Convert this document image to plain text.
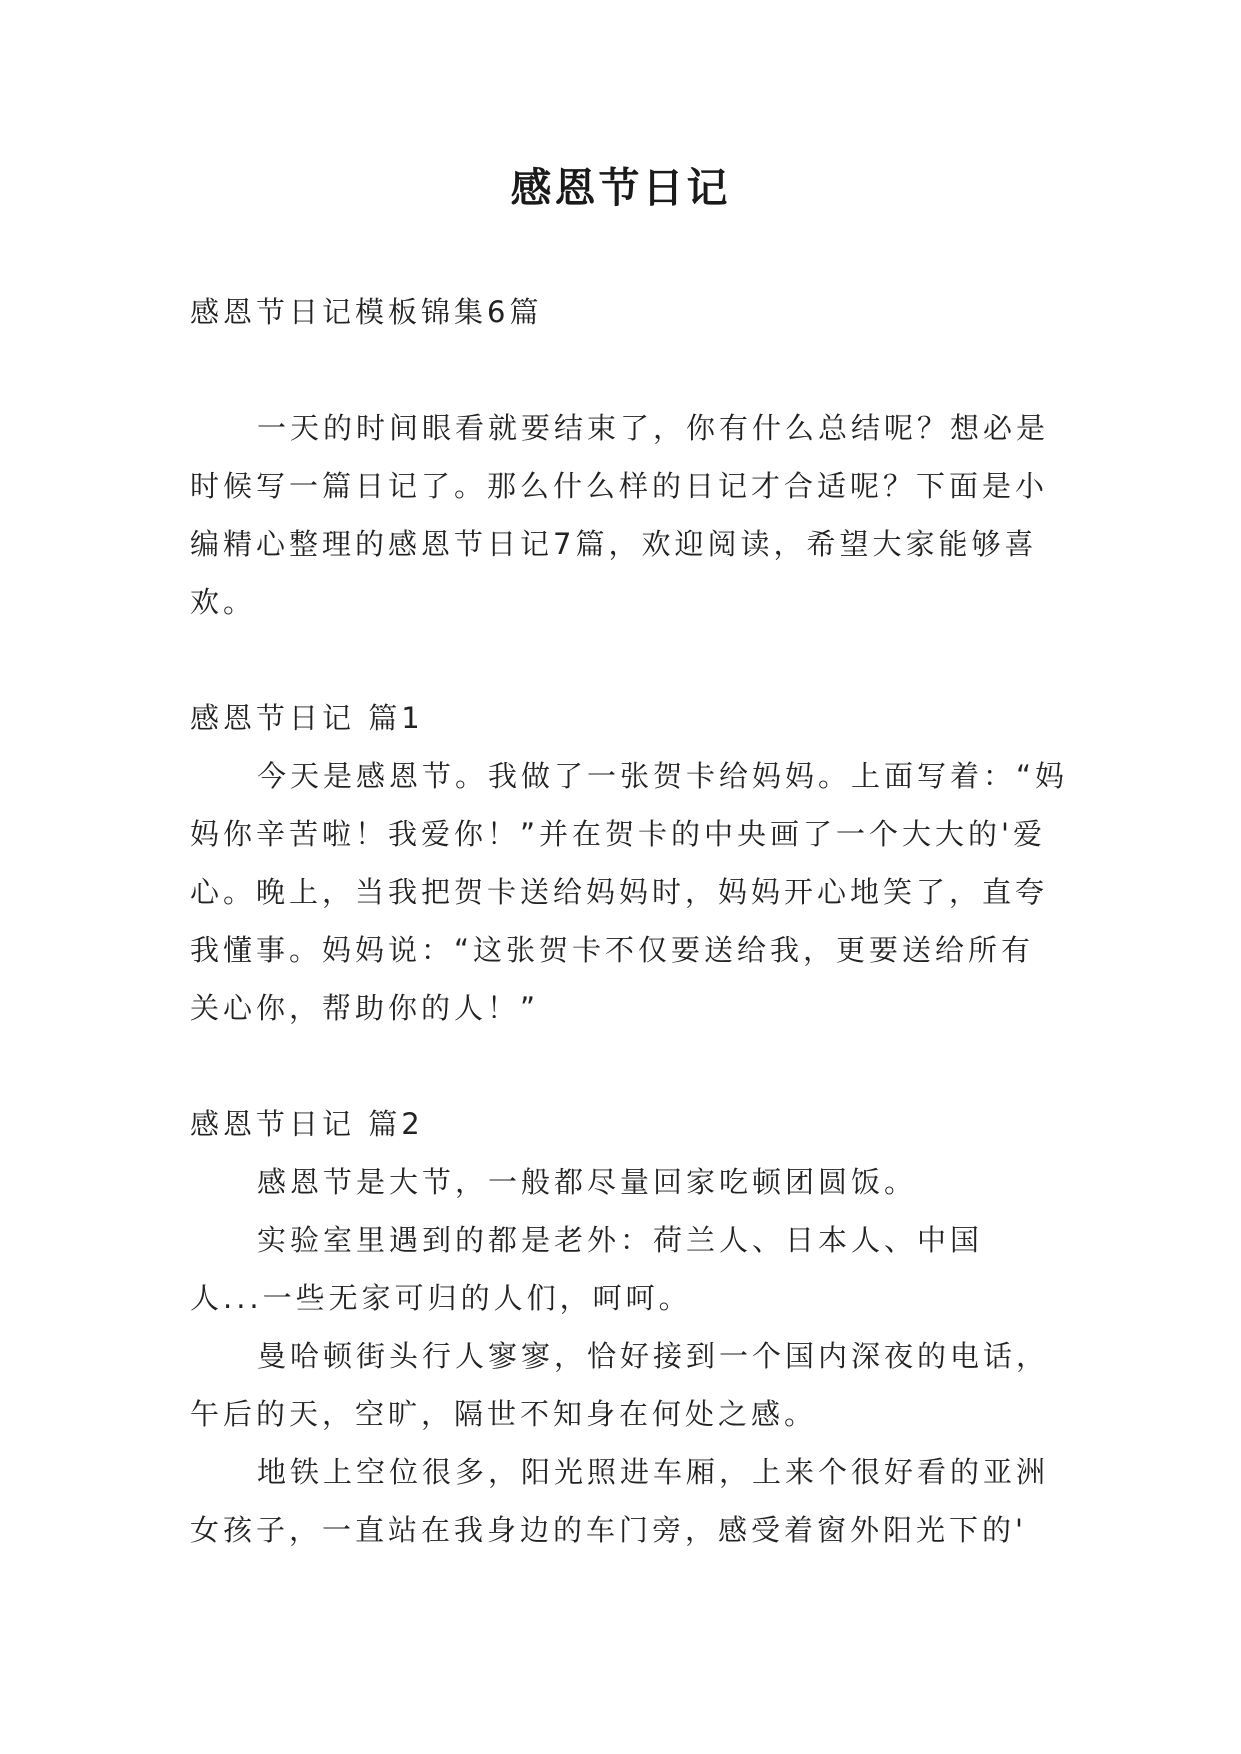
感恩节日记
感恩节日记模板锦集6篇
一天的时间眼看就要结束了，你有什么总结呢？想必是
时候写一篇日记了。那么什么样的日记才合适呢？下面是小
编精心整理的感恩节日记7篇，欢迎阅读，希望大家能够喜
欢。
感恩节日记 篇1
今天是感恩节。我做了一张贺卡给妈妈。上面写着：“妈
妈你辛苦啦！我爱你！”并在贺卡的中央画了一个大大的'爱
心。晚上，当我把贺卡送给妈妈时，妈妈开心地笑了，直夸
我懂事。妈妈说：“这张贺卡不仅要送给我，更要送给所有
关心你，帮助你的人！”
感恩节日记 篇2
感恩节是大节，一般都尽量回家吃顿团圆饭。
实验室里遇到的都是老外：荷兰人、日本人、中国
人...一些无家可归的人们，呵呵。
曼哈顿街头行人寥寥，恰好接到一个国内深夜的电话，
午后的天，空旷，隔世不知身在何处之感。
地铁上空位很多，阳光照进车厢，上来个很好看的亚洲
女孩子，一直站在我身边的车门旁，感受着窗外阳光下的'
